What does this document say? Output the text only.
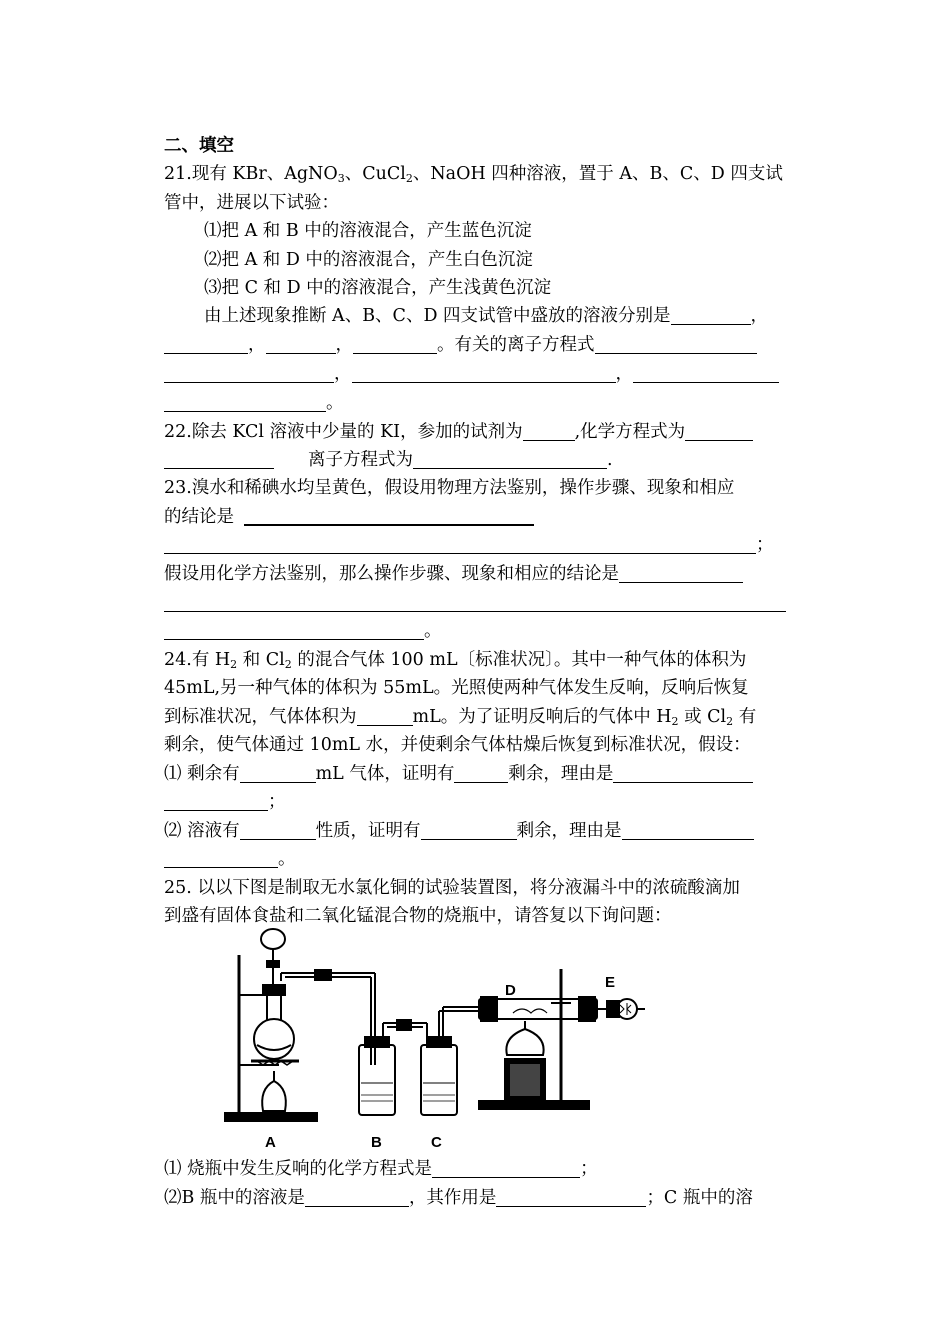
二、填空
21.现有 KBr、AgNO$_3$、CuCl$_2$、NaOH 四种溶液，置于 A、B、C、D 四支试
管中，进展以下试验：
⑴把 A 和 B 中的溶液混合，产生蓝色沉淀
⑵把 A 和 D 中的溶液混合，产生白色沉淀
⑶把 C 和 D 中的溶液混合，产生浅黄色沉淀
由上述现象推断 A、B、C、D 四支试管中盛放的溶液分别是	，
，	，	。有关的离子方程式
，	，
。
22.除去 KCl 溶液中少量的 KI，参加的试剂为	,化学方程式为
离子方程式为	.
23.溴水和稀碘水均呈黄色，假设用物理方法鉴别，操作步骤、现象和相应
的结论是
；
假设用化学方法鉴别，那么操作步骤、现象和相应的结论是
。
24.有 $H_2$ 和 $Cl_2$ 的混合气体 100 mL〔标准状况〕。其中一种气体的体积为
45mL,另一种气体的体积为 55mL。光照使两种气体发生反响，反响后恢复
到标准状况，气体体积为	mL。为了证明反响后的气体中 $H_2$ 或 $Cl_2$ 有
剩余，使气体通过 10mL 水，并使剩余气体枯燥后恢复到标准状况，假设：
⑴ 剩余有	mL 气体，证明有	剩余，理由是
；
⑵ 溶液有	性质，证明有	剩余，理由是
。
25. 以以下图是制取无水氯化铜的试验装置图，将分液漏斗中的浓硫酸滴加
到盛有固体食盐和二氧化锰混合物的烧瓶中，请答复以下询问题：
⑴ 烧瓶中发生反响的化学方程式是	；
⑵B 瓶中的溶液是	，其作用是	；C 瓶中的溶
A	B	C
D	E
